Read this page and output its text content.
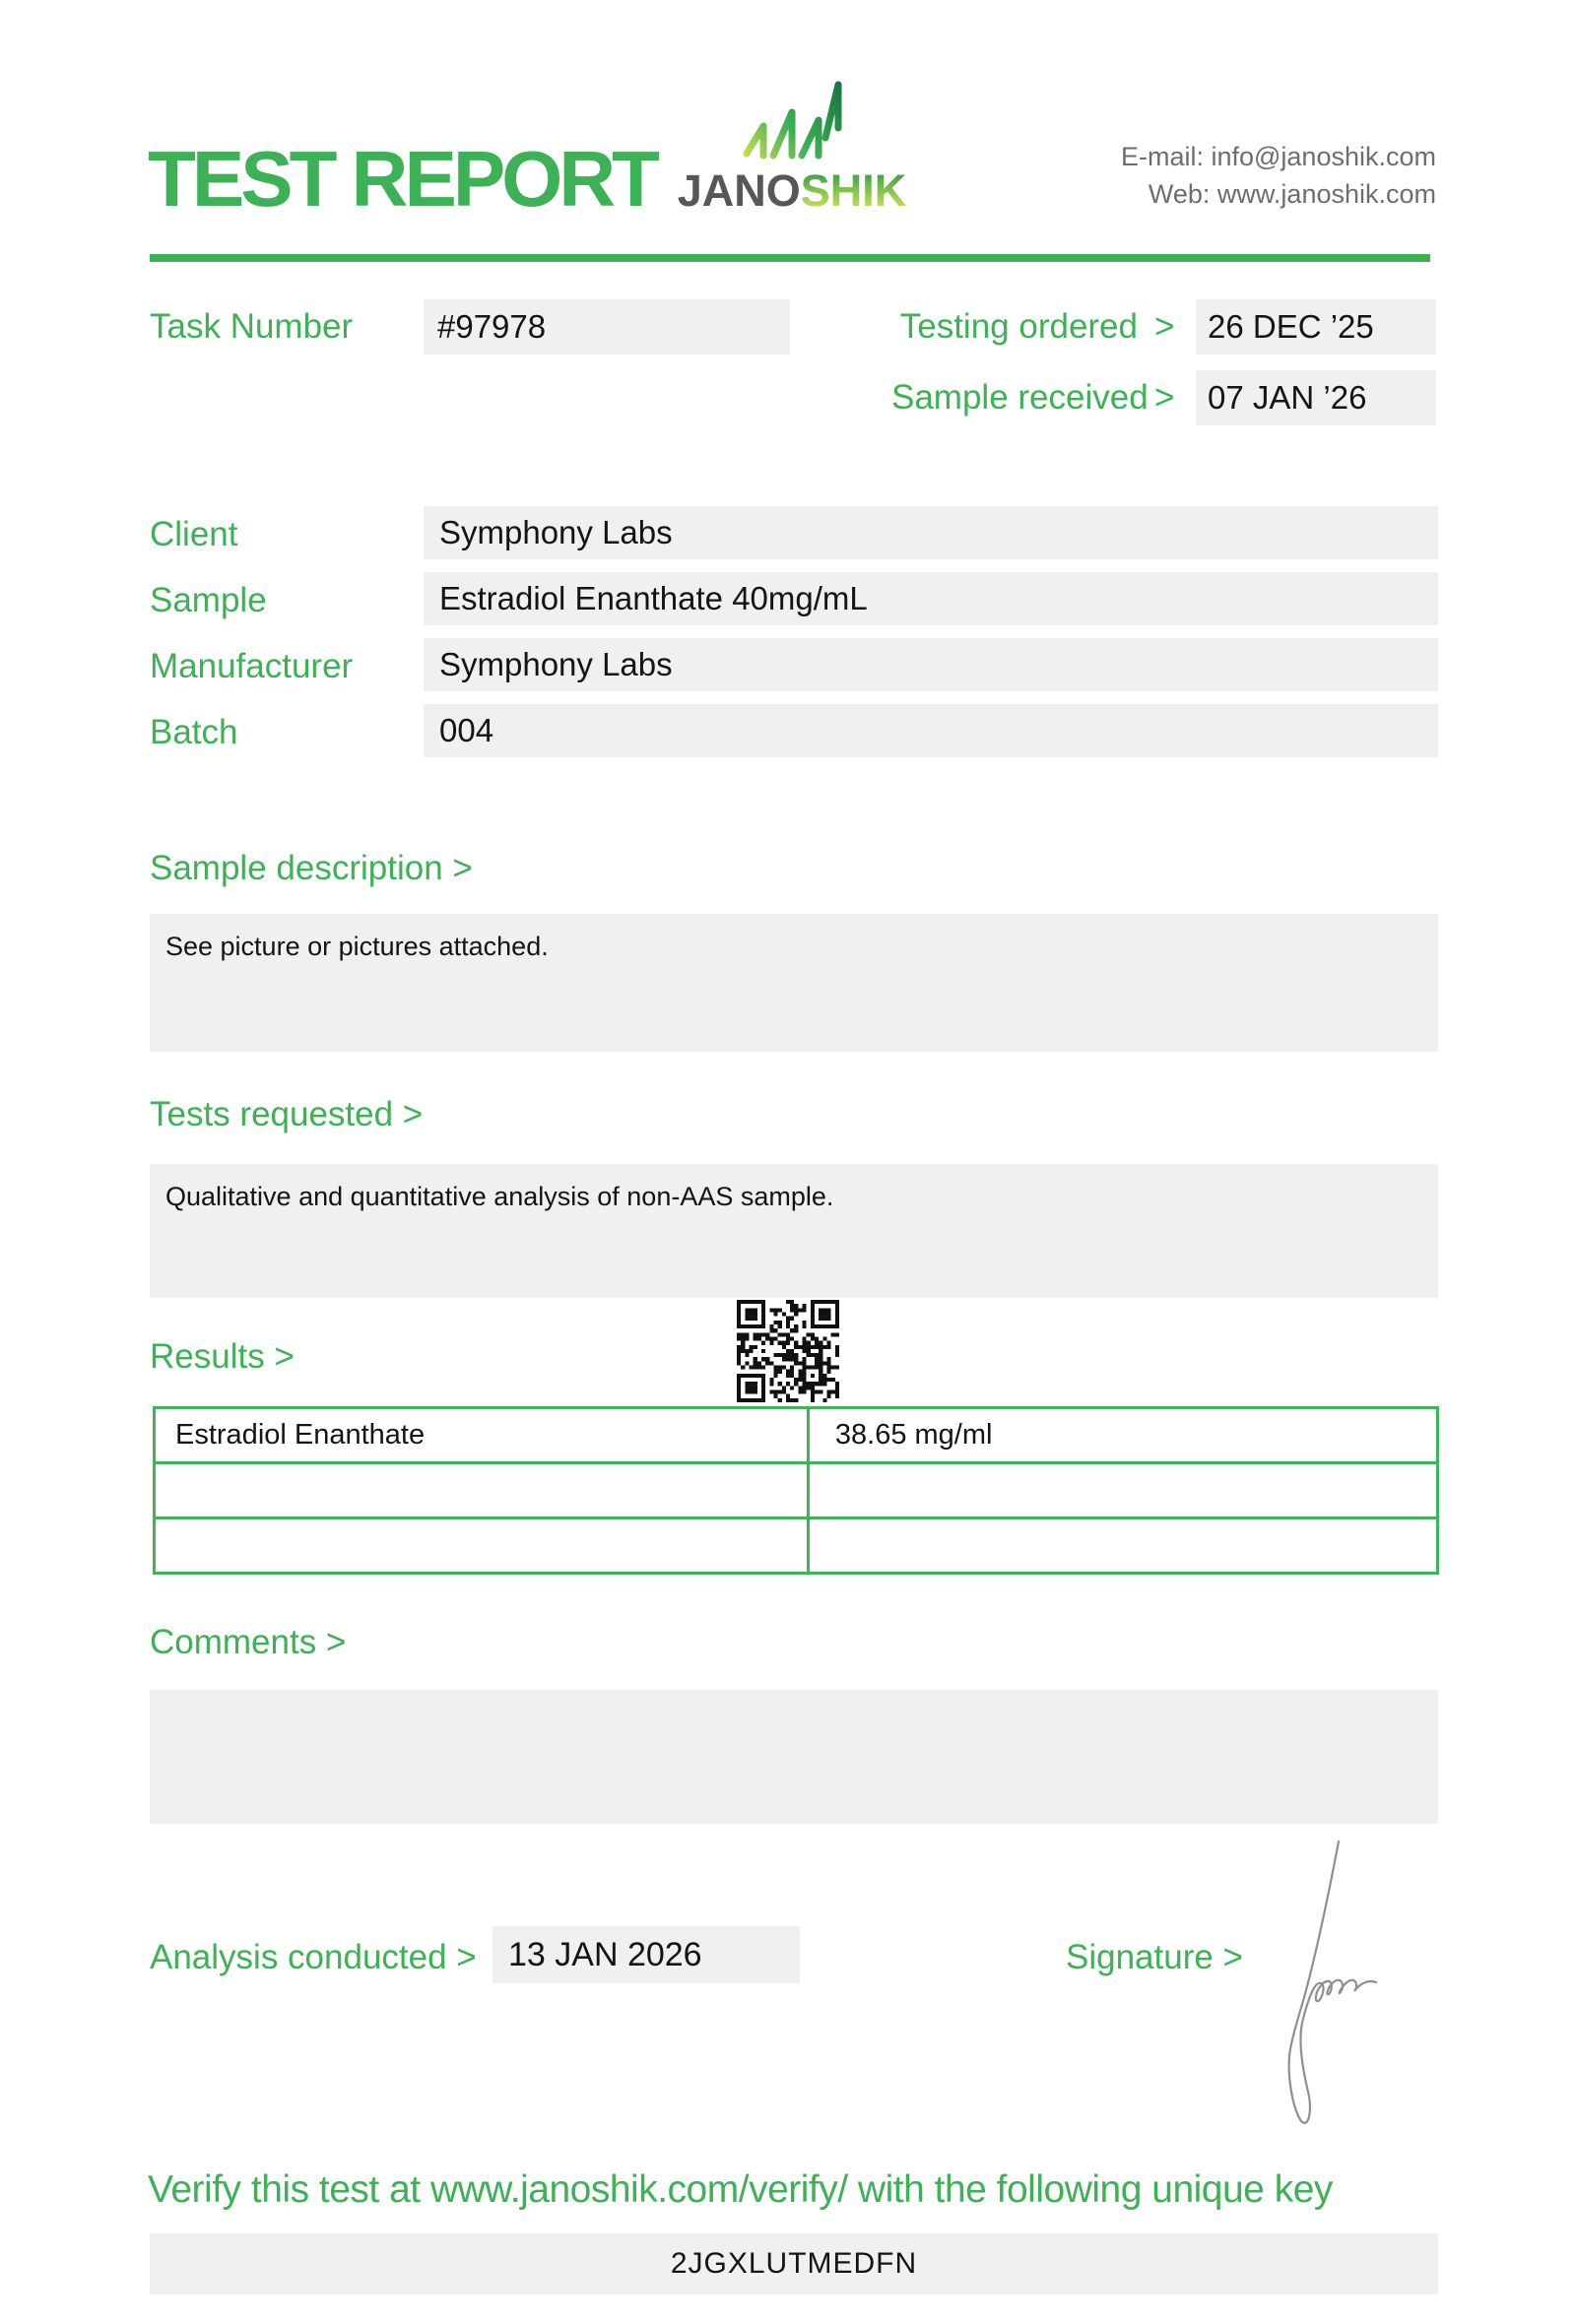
TEST REPORT JANOSHIK
E-mail: info@janoshik.com
Web: www.janoshik.com
Task Number	#97978	Testing ordered >	26 DEC ’25
Sample received >	07 JAN ’26
Client	Symphony Labs
Sample	Estradiol Enanthate 40mg/mL
Manufacturer	Symphony Labs
Batch	004
Sample description >
See picture or pictures attached.
Tests requested >
Qualitative and quantitative analysis of non-AAS sample.
Results >
Estradiol Enanthate	38.65 mg/ml
Comments >
Analysis conducted > 13 JAN 2026	Signature >
Verify this test at www.janoshik.com/verify/ with the following unique key
2JGXLUTMEDFN
